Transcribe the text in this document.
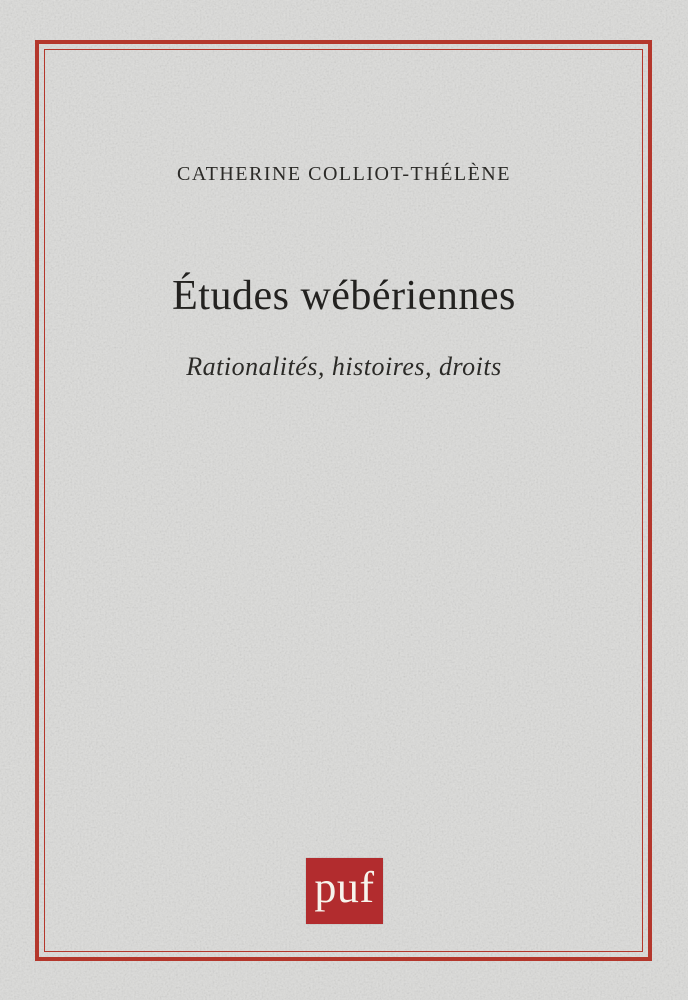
CATHERINE COLLIOT-THÉLÈNE
Études wébériennes
Rationalités, histoires, droits
puf
